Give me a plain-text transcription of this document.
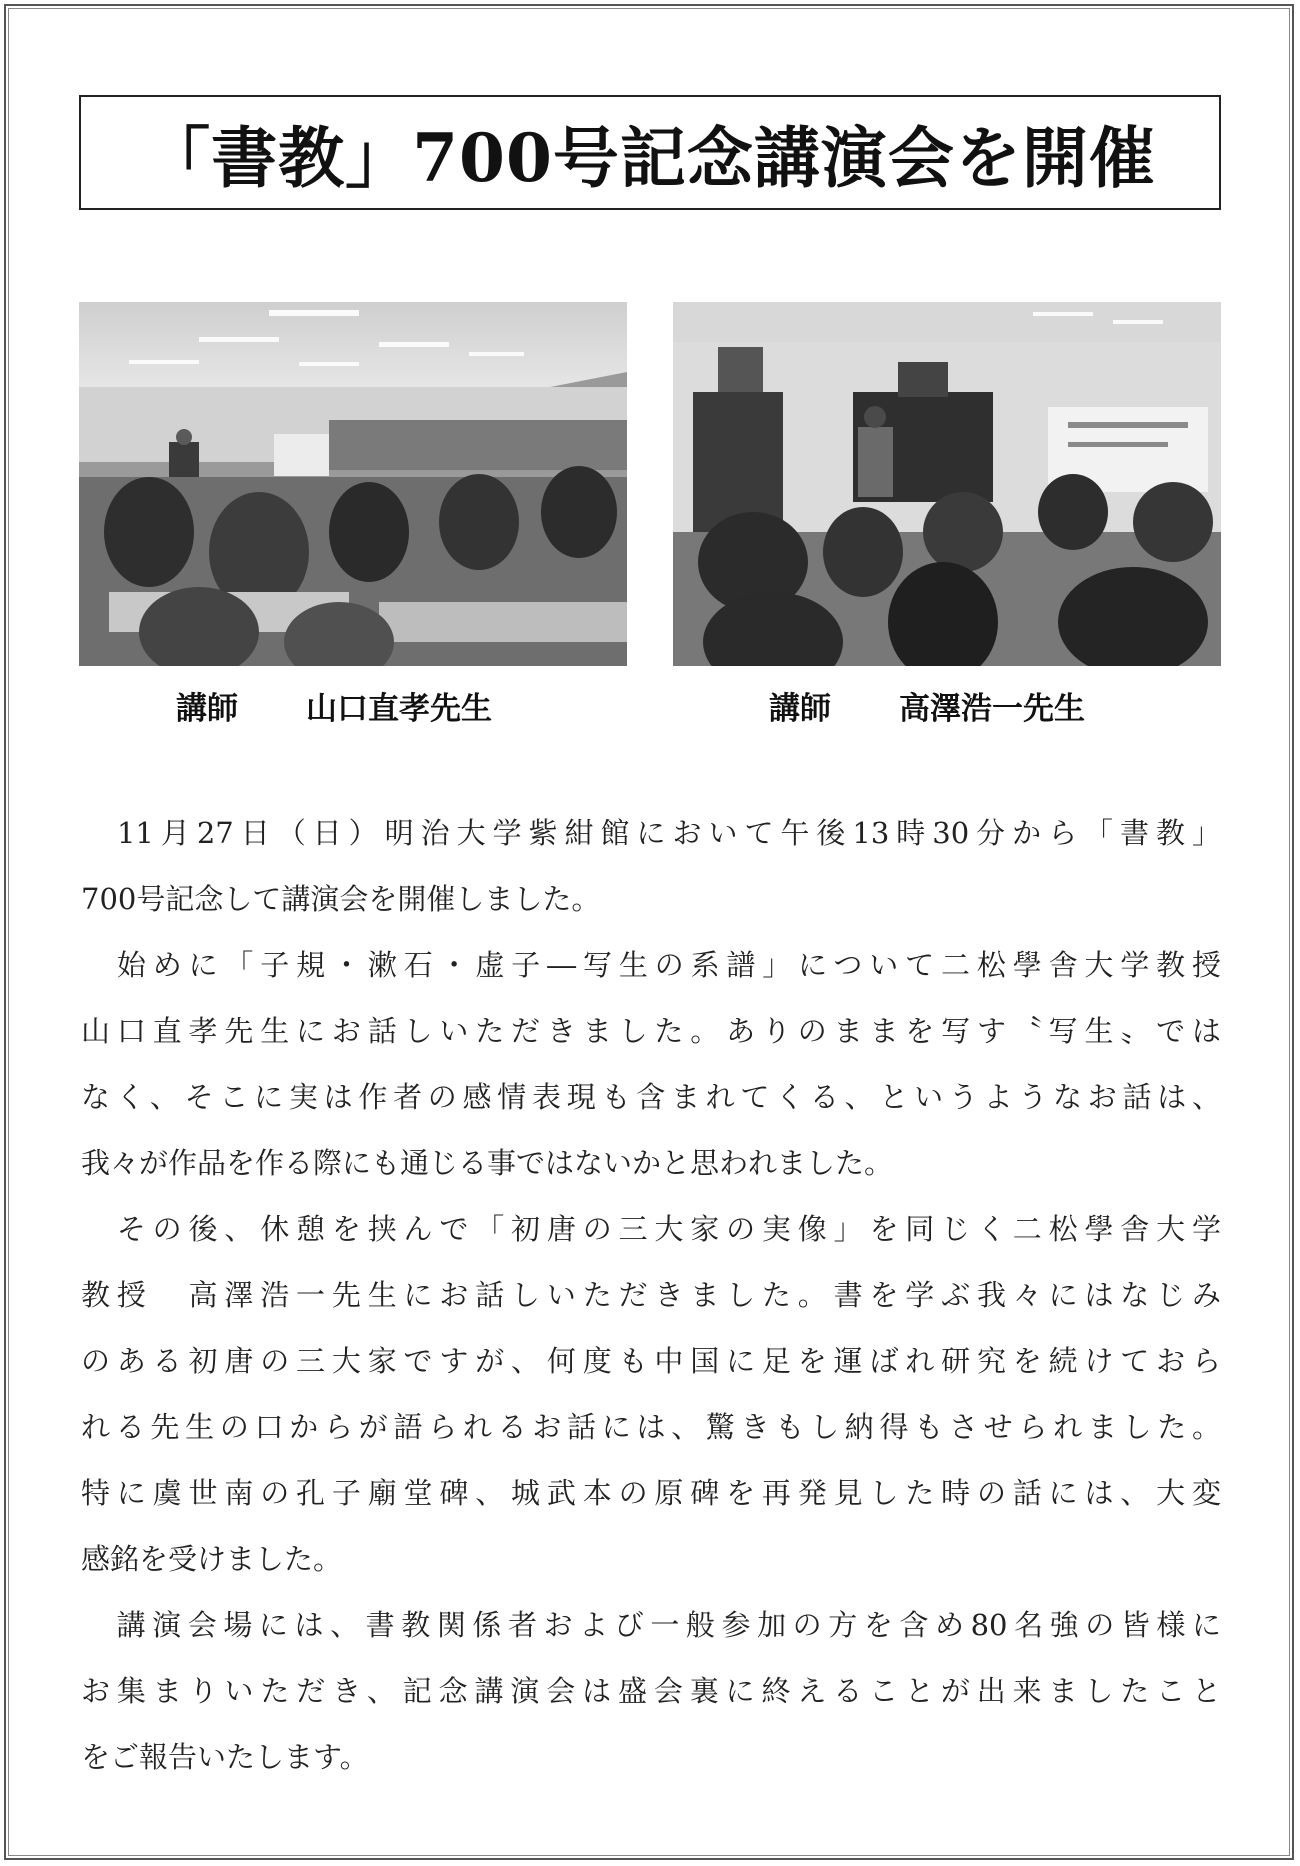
「書教」700号記念講演会を開催
講師 山口直孝先生	講師 高澤浩一先生
　11月27日（日）明治大学紫紺館において午後13時30分から「書教」
700号記念して講演会を開催しました。
　始めに「子規・漱石・虚子―写生の系譜」について二松學舎大学教授
山口直孝先生にお話しいただきました。ありのままを写す〝写生〟では
なく、そこに実は作者の感情表現も含まれてくる、というようなお話は、
我々が作品を作る際にも通じる事ではないかと思われました。
　その後、休憩を挟んで「初唐の三大家の実像」を同じく二松學舎大学
教授　高澤浩一先生にお話しいただきました。書を学ぶ我々にはなじみ
のある初唐の三大家ですが、何度も中国に足を運ばれ研究を続けておら
れる先生の口からが語られるお話には、驚きもし納得もさせられました。
特に虞世南の孔子廟堂碑、城武本の原碑を再発見した時の話には、大変
感銘を受けました。
　講演会場には、書教関係者および一般参加の方を含め80名強の皆様に
お集まりいただき、記念講演会は盛会裏に終えることが出来ましたこと
をご報告いたします。
